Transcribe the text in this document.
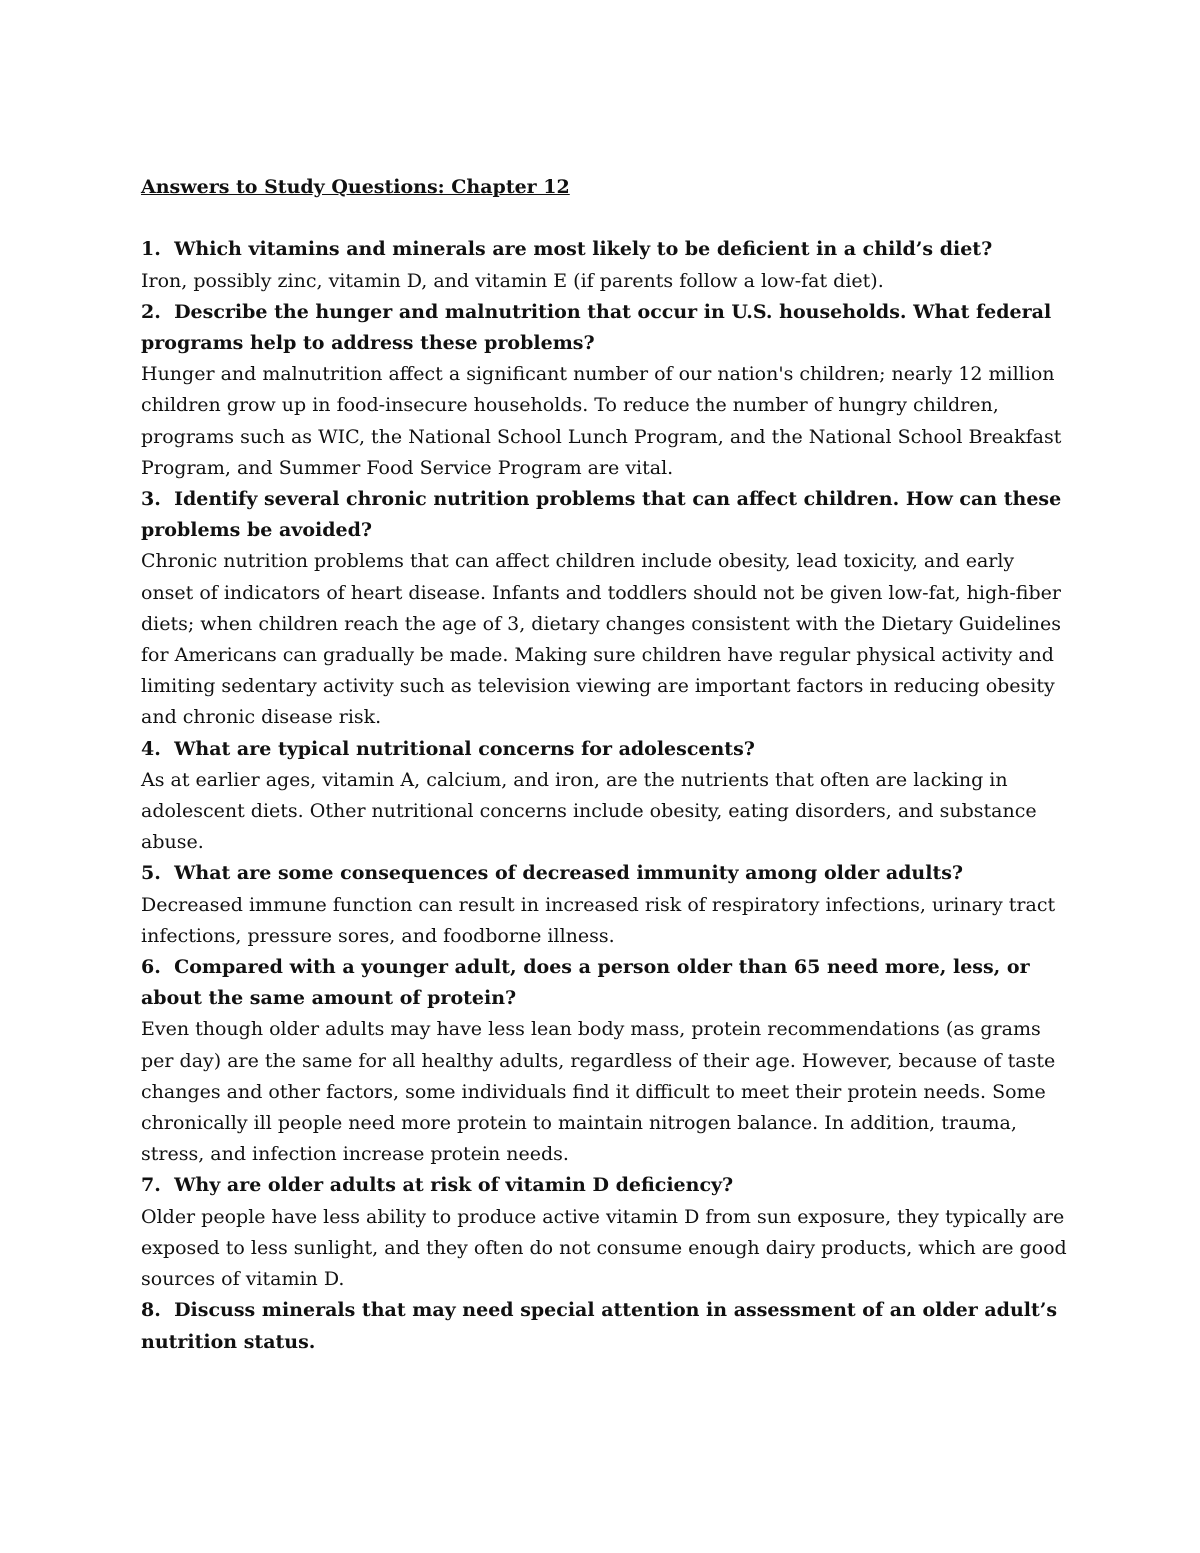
Answers to Study Questions: Chapter 12

1. Which vitamins and minerals are most likely to be deficient in a child’s diet?

Iron, possibly zinc, vitamin D, and vitamin E (if parents follow a low-fat diet).

2. Describe the hunger and malnutrition that occur in U.S. households. What federal programs help to address these problems?

Hunger and malnutrition affect a significant number of our nation's children; nearly 12 million children grow up in food-insecure households. To reduce the number of hungry children, programs such as WIC, the National School Lunch Program, and the National School Breakfast Program, and Summer Food Service Program are vital.

3. Identify several chronic nutrition problems that can affect children. How can these problems be avoided?

Chronic nutrition problems that can affect children include obesity, lead toxicity, and early onset of indicators of heart disease. Infants and toddlers should not be given low-fat, high-fiber diets; when children reach the age of 3, dietary changes consistent with the Dietary Guidelines for Americans can gradually be made. Making sure children have regular physical activity and limiting sedentary activity such as television viewing are important factors in reducing obesity and chronic disease risk.

4. What are typical nutritional concerns for adolescents?

As at earlier ages, vitamin A, calcium, and iron, are the nutrients that often are lacking in adolescent diets. Other nutritional concerns include obesity, eating disorders, and substance abuse.

5. What are some consequences of decreased immunity among older adults?

Decreased immune function can result in increased risk of respiratory infections, urinary tract infections, pressure sores, and foodborne illness.

6. Compared with a younger adult, does a person older than 65 need more, less, or about the same amount of protein?

Even though older adults may have less lean body mass, protein recommendations (as grams per day) are the same for all healthy adults, regardless of their age. However, because of taste changes and other factors, some individuals find it difficult to meet their protein needs. Some chronically ill people need more protein to maintain nitrogen balance. In addition, trauma, stress, and infection increase protein needs.

7. Why are older adults at risk of vitamin D deficiency?

Older people have less ability to produce active vitamin D from sun exposure, they typically are exposed to less sunlight, and they often do not consume enough dairy products, which are good sources of vitamin D.

8. Discuss minerals that may need special attention in assessment of an older adult’s nutrition status.
